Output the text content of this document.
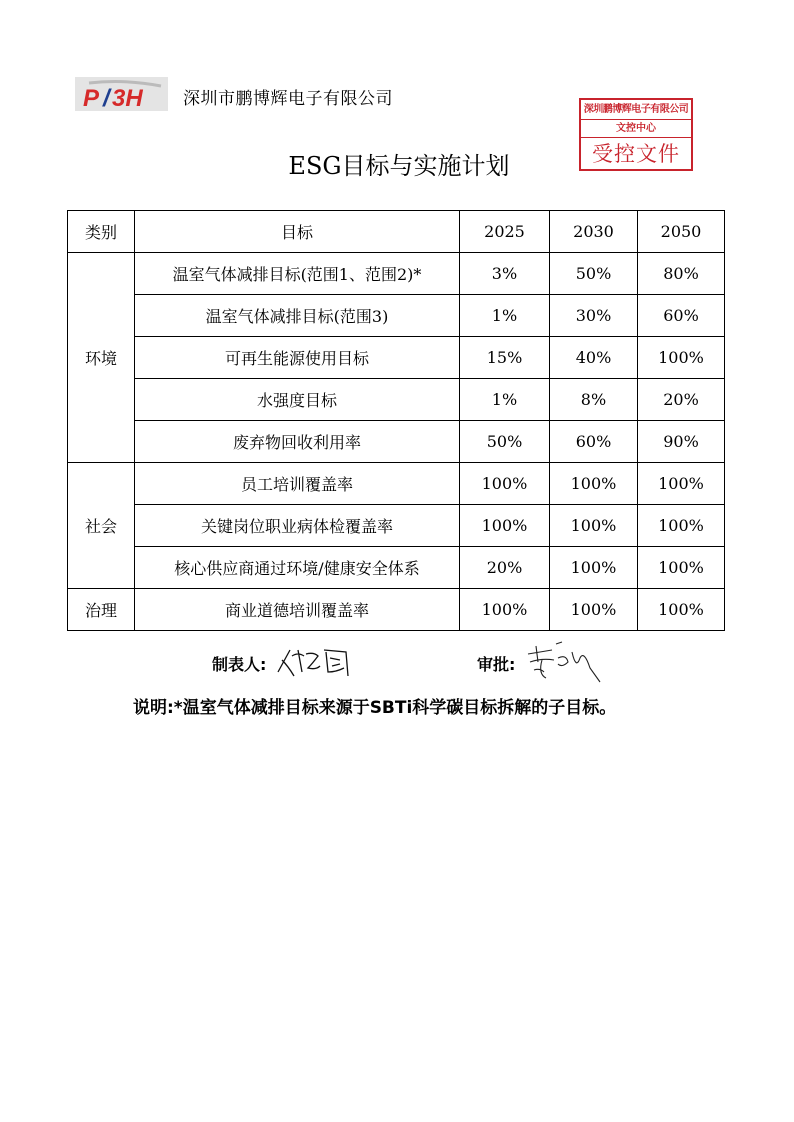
P / 3H 深圳市鹏博辉电子有限公司
深圳鹏博辉电子有限公司
文控中心
受控文件
ESG目标与实施计划
类别	目标	2025	2030	2050
环境	温室气体减排目标(范围1、范围2)*	3%	50%	80%
	温室气体减排目标(范围3)	1%	30%	60%
	可再生能源使用目标	15%	40%	100%
	水强度目标	1%	8%	20%
	废弃物回收利用率	50%	60%	90%
社会	员工培训覆盖率	100%	100%	100%
	关键岗位职业病体检覆盖率	100%	100%	100%
	核心供应商通过环境/健康安全体系	20%	100%	100%
治理	商业道德培训覆盖率	100%	100%	100%
制表人:	审批:
说明:*温室气体减排目标来源于SBTi科学碳目标拆解的子目标。
